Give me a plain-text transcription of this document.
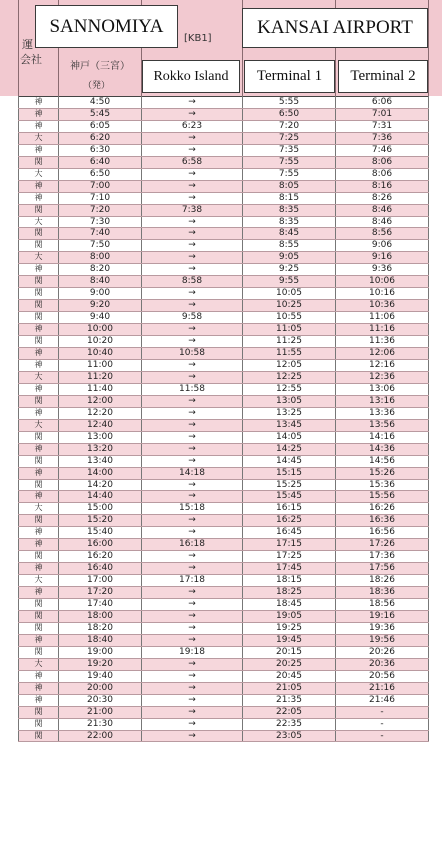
運
会社
SANNOMIYA
[KB1]
KANSAI AIRPORT
神戸（三宮）
（発）
Rokko Island	Terminal 1	Terminal 2
神	4:50	→	5:55	6:06
神	5:45	→	6:50	7:01
神	6:05	6:23	7:20	7:31
大	6:20	→	7:25	7:36
神	6:30	→	7:35	7:46
関	6:40	6:58	7:55	8:06
大	6:50	→	7:55	8:06
神	7:00	→	8:05	8:16
神	7:10	→	8:15	8:26
関	7:20	7:38	8:35	8:46
大	7:30	→	8:35	8:46
関	7:40	→	8:45	8:56
関	7:50	→	8:55	9:06
大	8:00	→	9:05	9:16
神	8:20	→	9:25	9:36
関	8:40	8:58	9:55	10:06
関	9:00	→	10:05	10:16
関	9:20	→	10:25	10:36
関	9:40	9:58	10:55	11:06
神	10:00	→	11:05	11:16
関	10:20	→	11:25	11:36
神	10:40	10:58	11:55	12:06
神	11:00	→	12:05	12:16
大	11:20	→	12:25	12:36
神	11:40	11:58	12:55	13:06
関	12:00	→	13:05	13:16
神	12:20	→	13:25	13:36
大	12:40	→	13:45	13:56
関	13:00	→	14:05	14:16
神	13:20	→	14:25	14:36
関	13:40	→	14:45	14:56
神	14:00	14:18	15:15	15:26
関	14:20	→	15:25	15:36
神	14:40	→	15:45	15:56
大	15:00	15:18	16:15	16:26
関	15:20	→	16:25	16:36
神	15:40	→	16:45	16:56
神	16:00	16:18	17:15	17:26
関	16:20	→	17:25	17:36
神	16:40	→	17:45	17:56
大	17:00	17:18	18:15	18:26
神	17:20	→	18:25	18:36
関	17:40	→	18:45	18:56
関	18:00	→	19:05	19:16
関	18:20	→	19:25	19:36
神	18:40	→	19:45	19:56
関	19:00	19:18	20:15	20:26
大	19:20	→	20:25	20:36
神	19:40	→	20:45	20:56
神	20:00	→	21:05	21:16
神	20:30	→	21:35	21:46
関	21:00	→	22:05	-
関	21:30	→	22:35	-
関	22:00	→	23:05	-
